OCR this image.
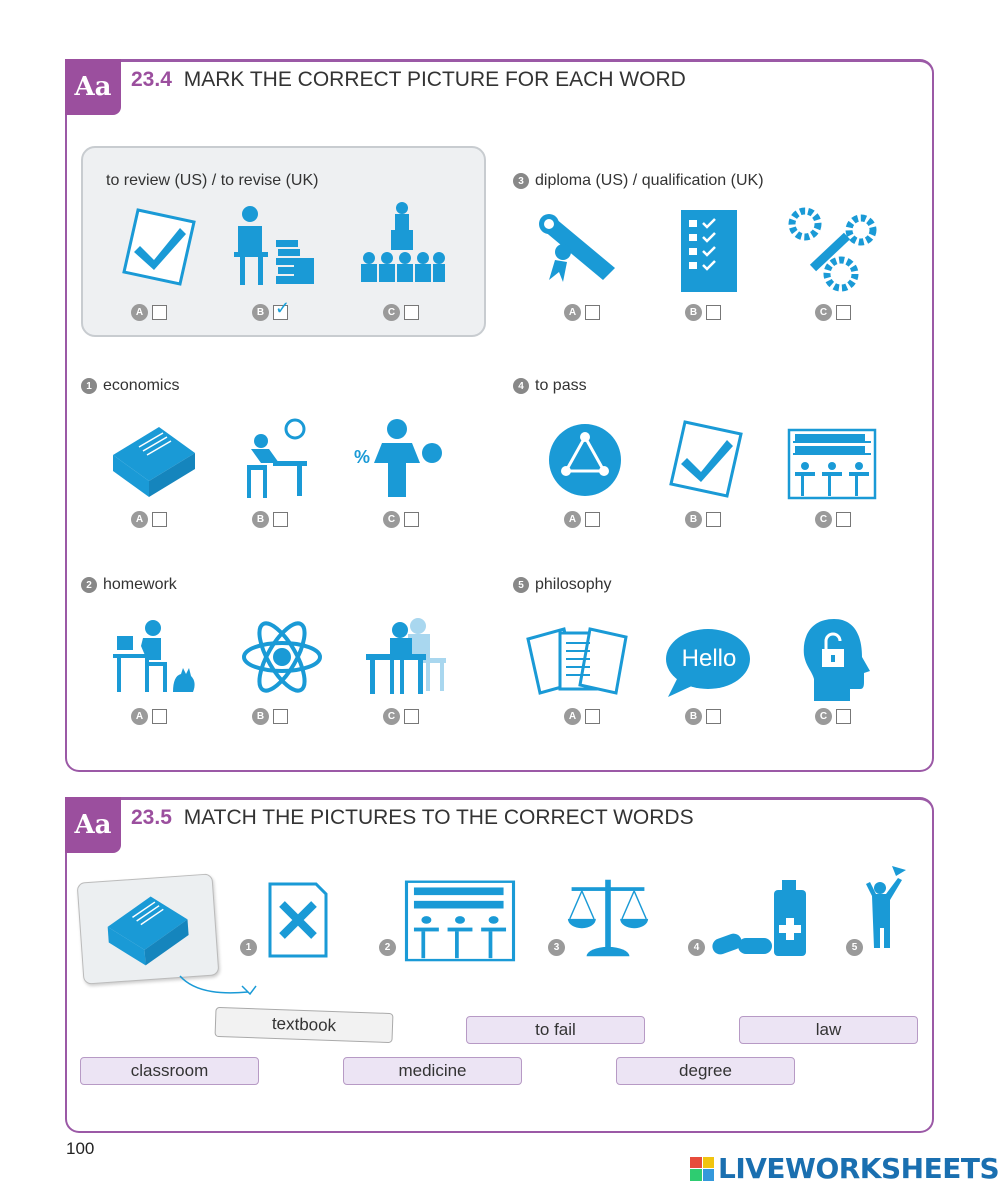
Aa 23.4 MARK THE CORRECT PICTURE FOR EACH WORD
to review (US) / to revise (UK)
A	B ✓	C
3 diploma (US) / qualification (UK)
A	B	C
1 economics
%
A	B	C
4 to pass
A	B	C
2 homework
A	B	C
5 philosophy
Hello
A	B	C
Aa 23.5 MATCH THE PICTURES TO THE CORRECT WORDS
1	2	3	4	5
textbook	to fail	law
classroom	medicine	degree
100
LIVEWORKSHEETS
